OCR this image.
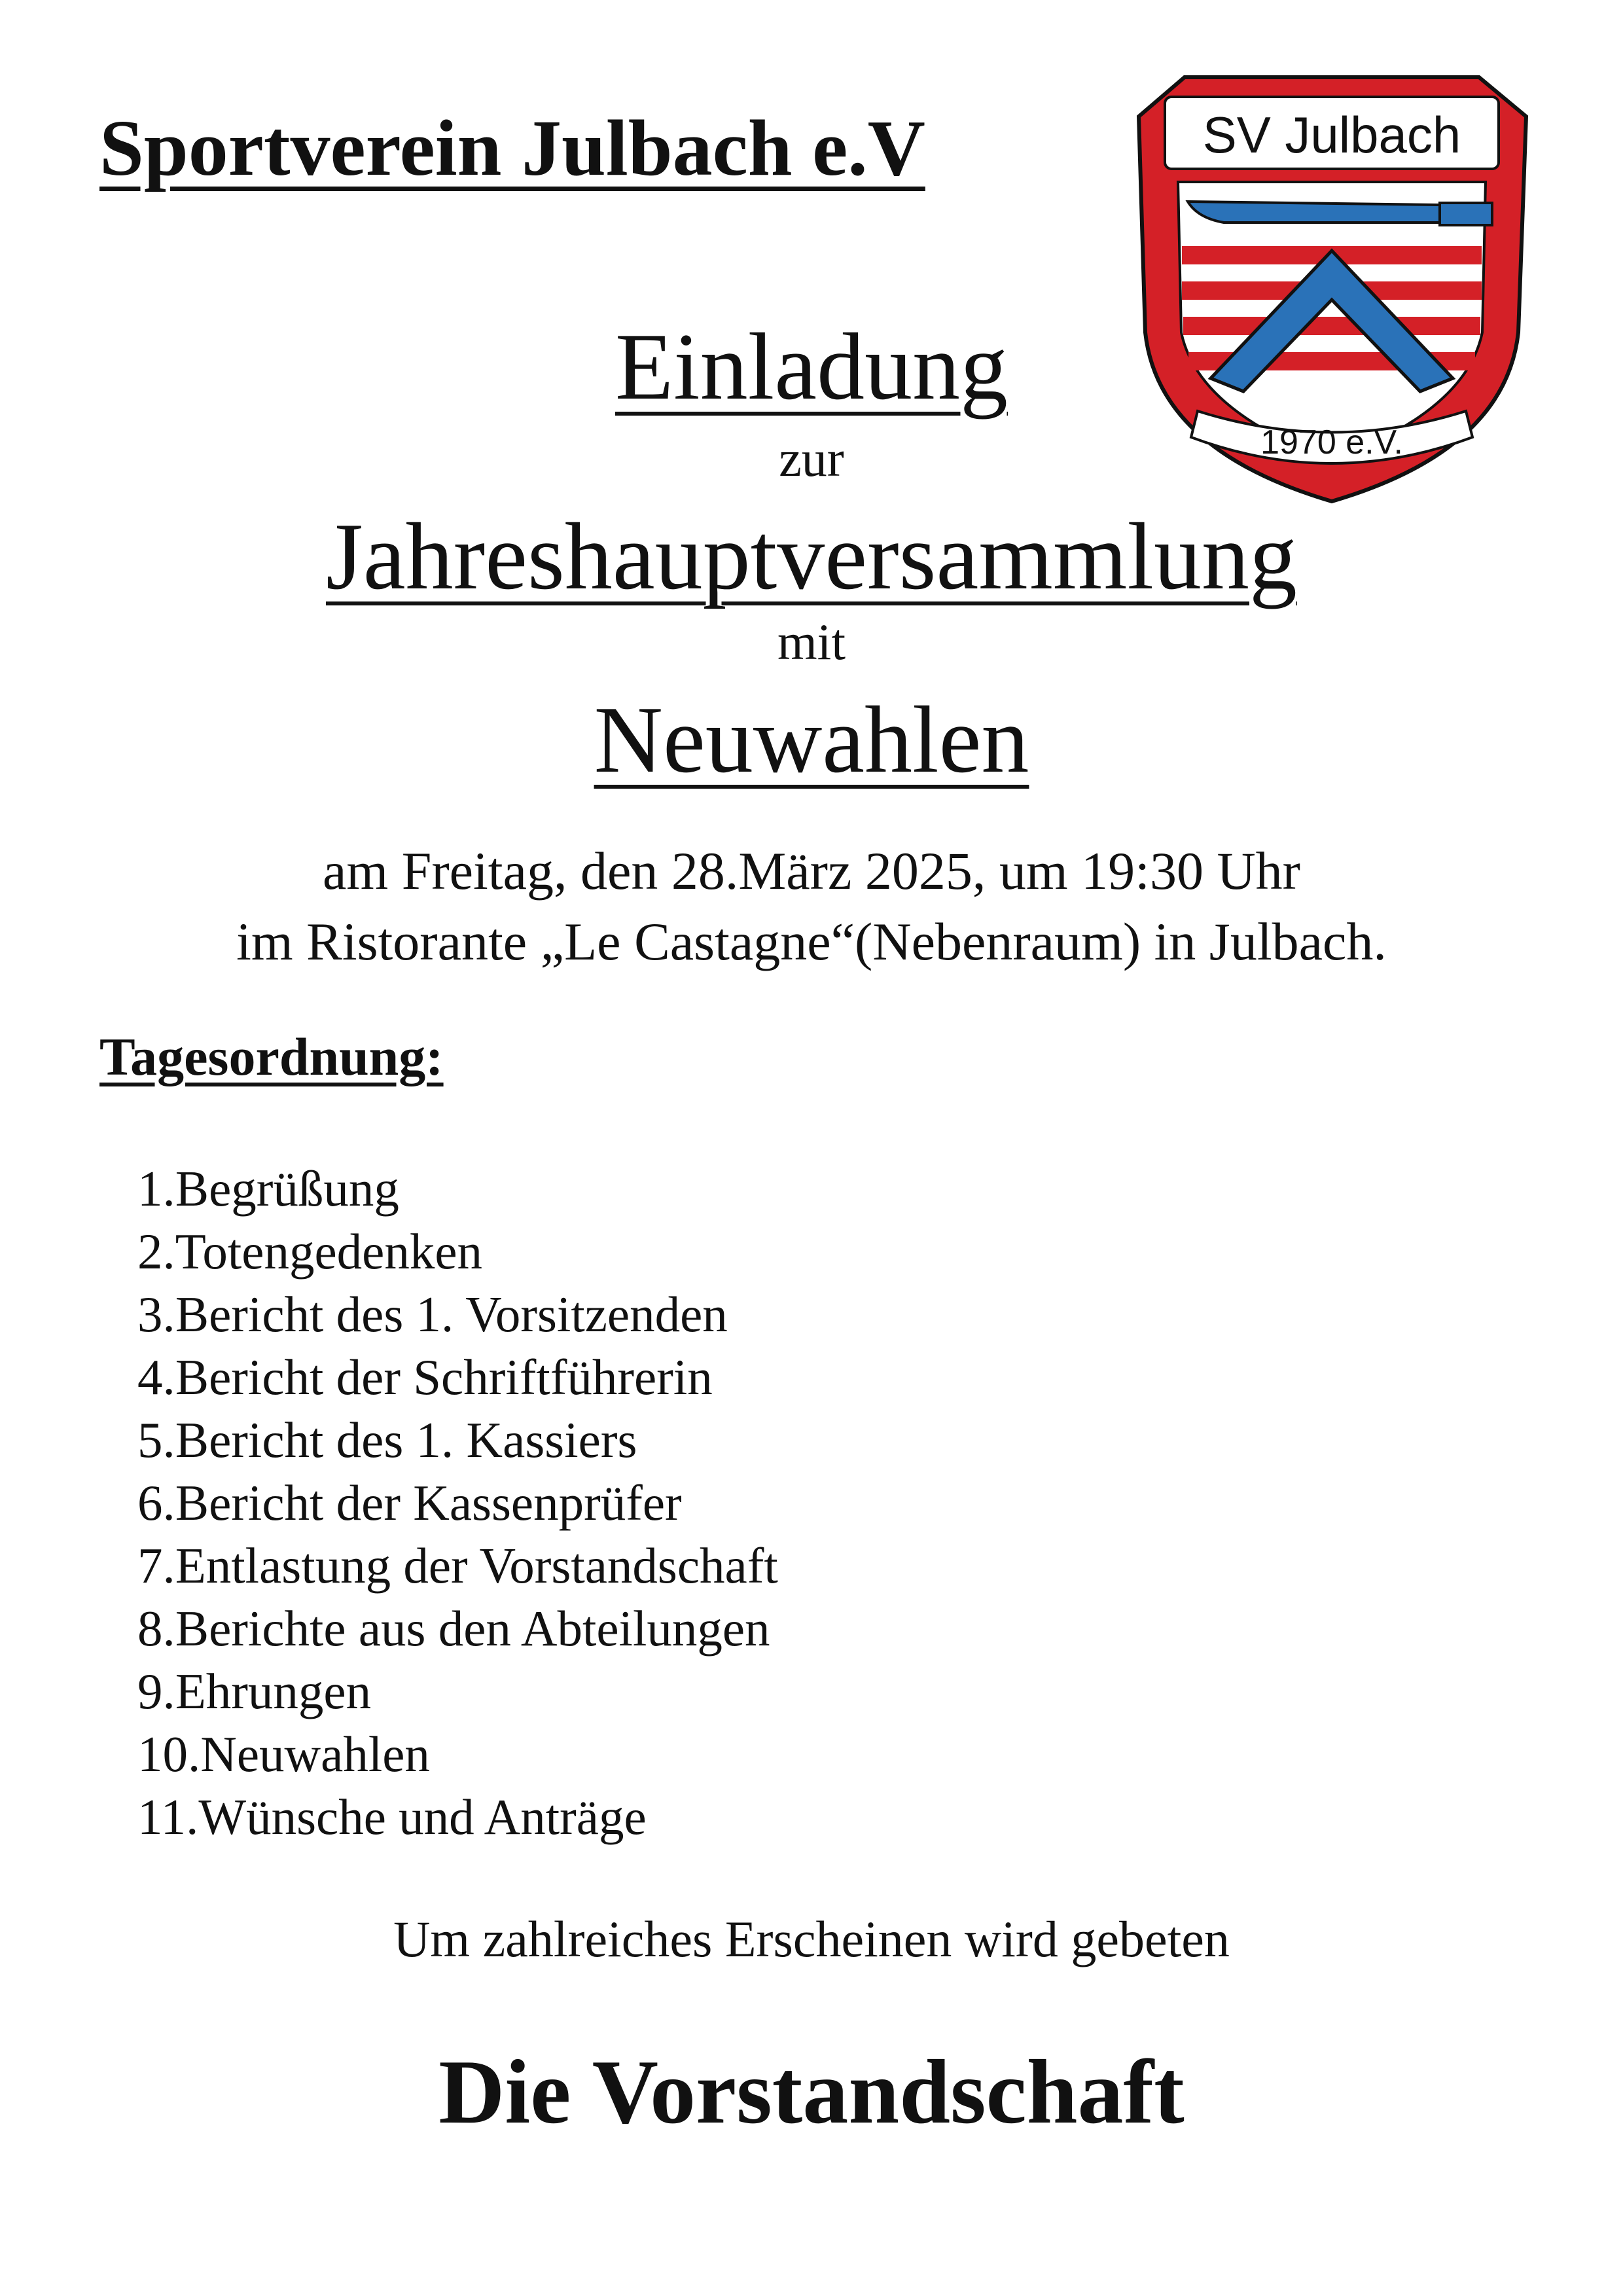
Sportverein Julbach e.V	SV Julbach
1970 e.V.
Einladung
zur
Jahreshauptversammlung
mit
Neuwahlen
am Freitag, den 28.März 2025, um 19:30 Uhr
im Ristorante „Le Castagne“(Nebenraum) in Julbach.
Tagesordnung:
1.Begrüßung
2.Totengedenken
3.Bericht des 1. Vorsitzenden
4.Bericht der Schriftführerin
5.Bericht des 1. Kassiers
6.Bericht der Kassenprüfer
7.Entlastung der Vorstandschaft
8.Berichte aus den Abteilungen
9.Ehrungen
10.Neuwahlen
11.Wünsche und Anträge
Um zahlreiches Erscheinen wird gebeten
Die Vorstandschaft
